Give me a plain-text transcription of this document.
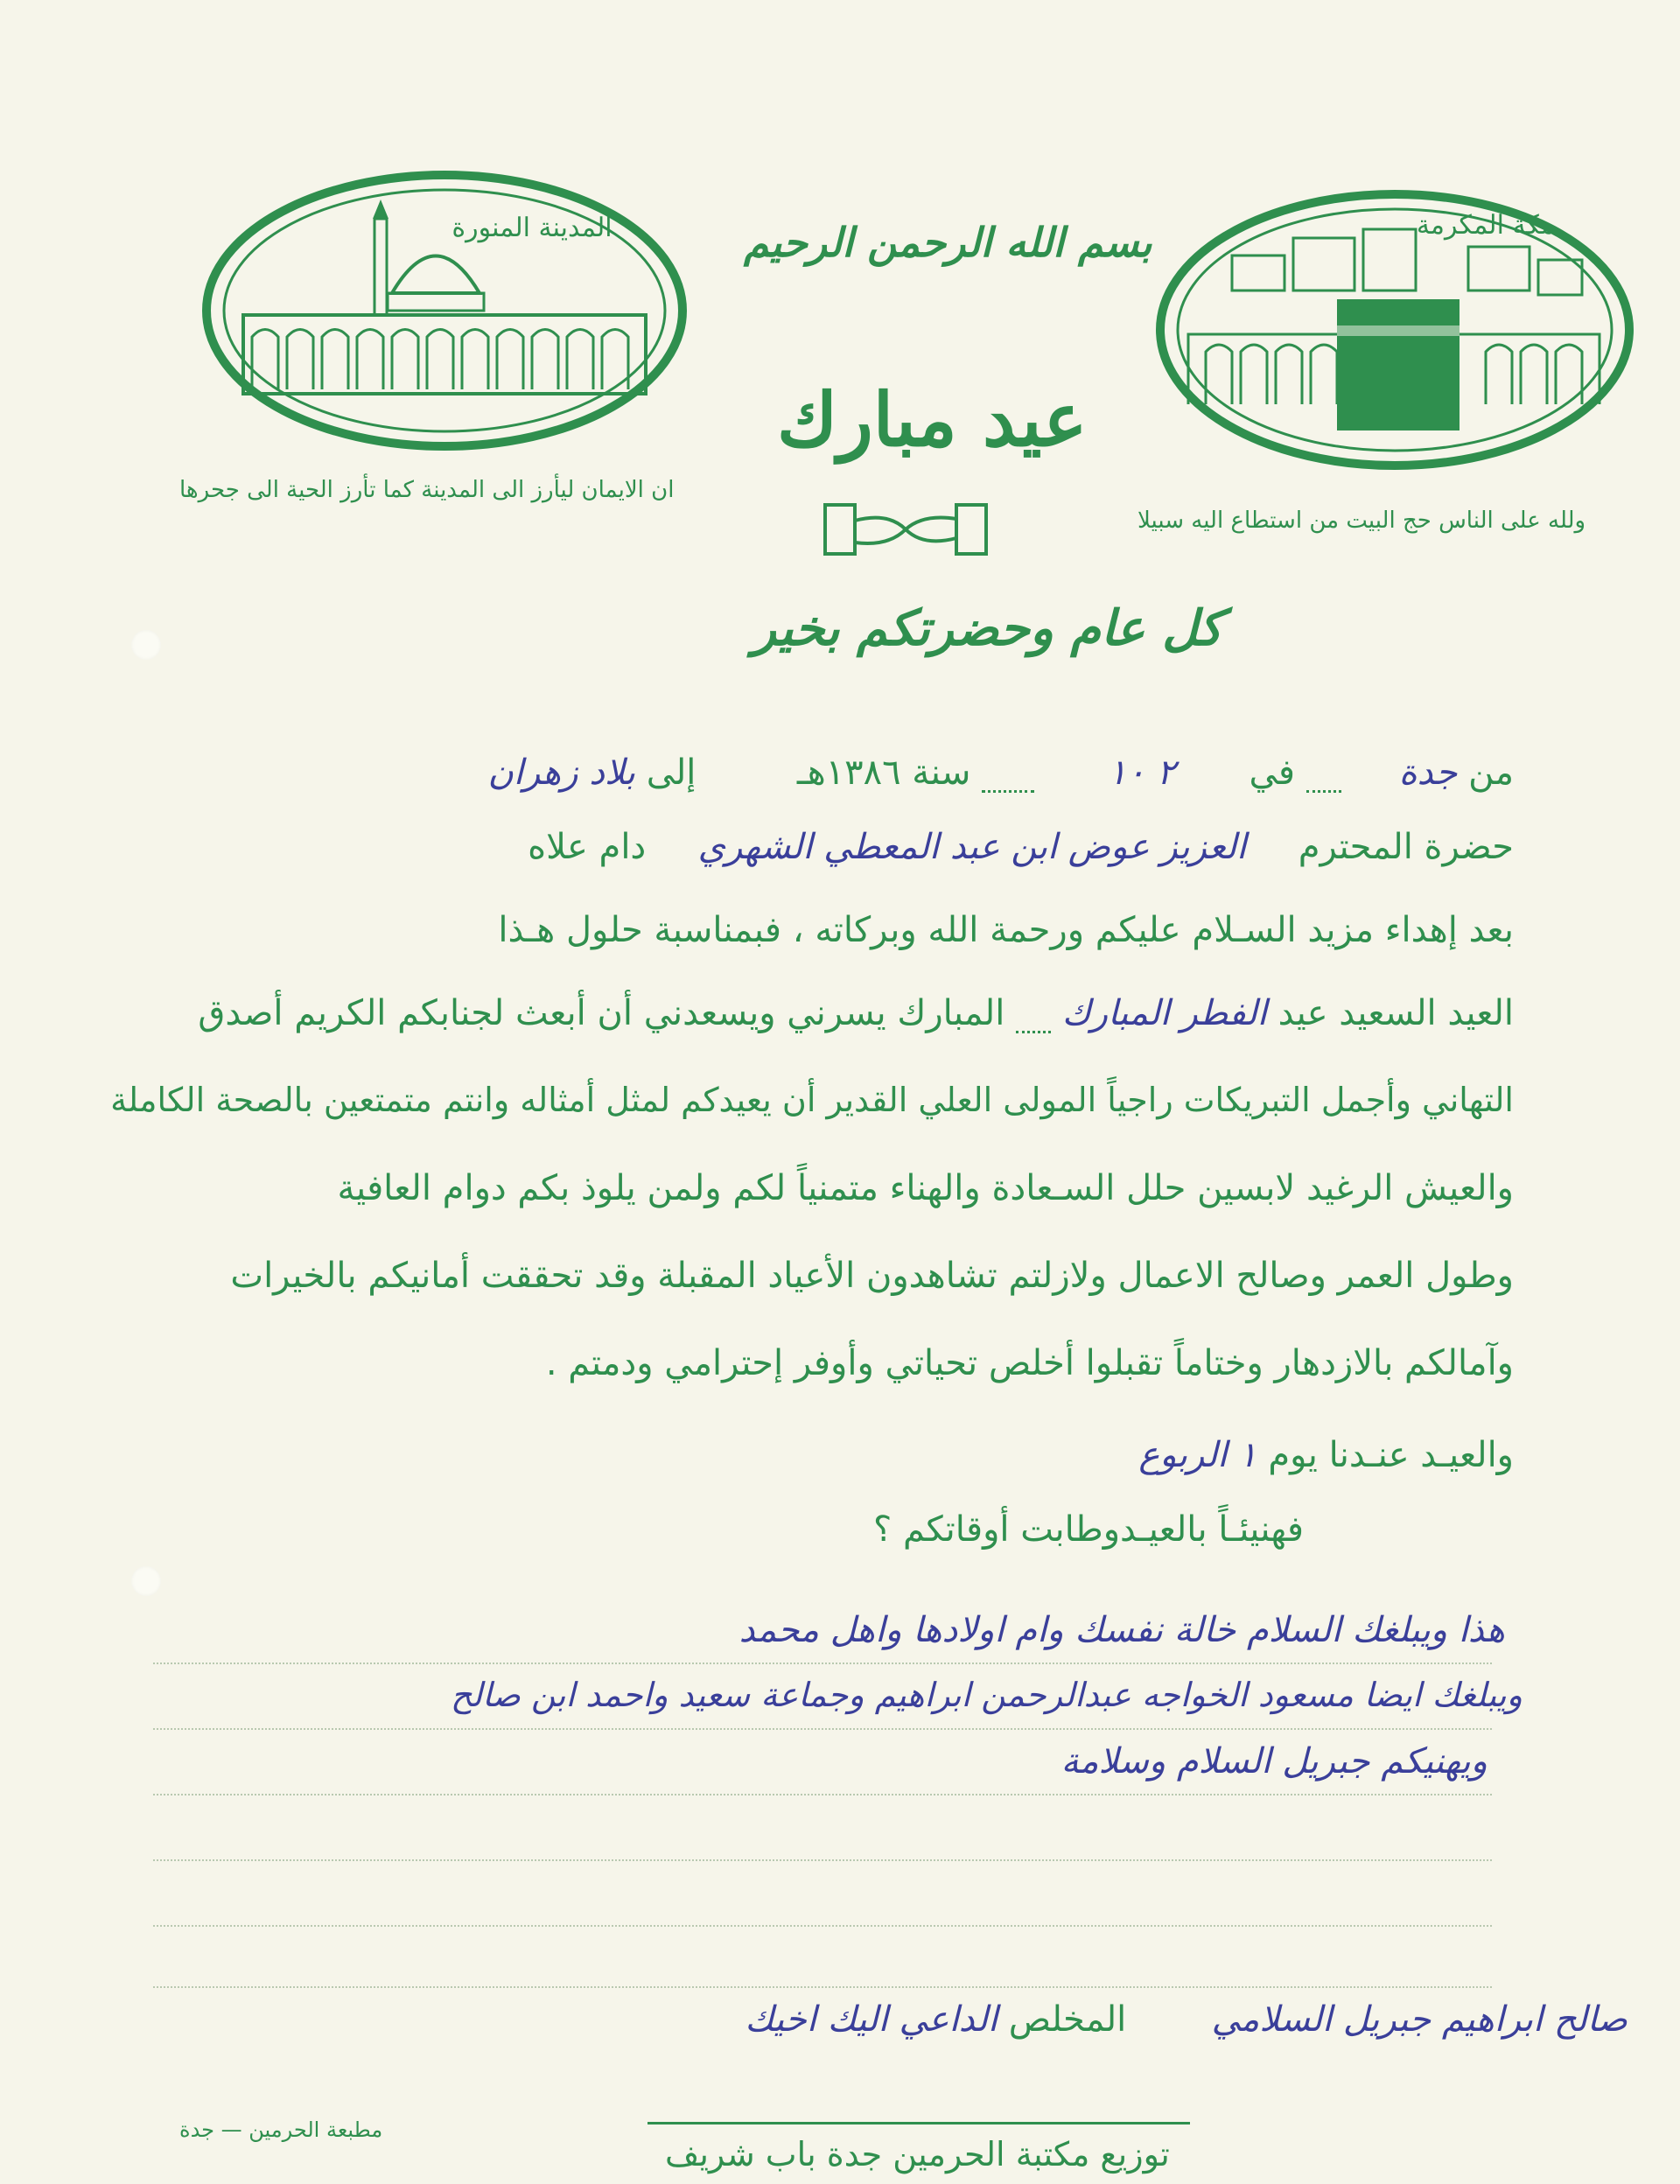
المدينة المنورة	بسم الله الرحمن الرحيم
عيد مبارك
كل عام وحضرتكم بخير
مكة المكرمة
ان الايمان ليأرز الى المدينة كما تأرز الحية الى جحرها
ولله على الناس حج البيت من استطاع اليه سبيلا
من جدة  في ٢ ١٠  سنة ١٣٨٦هـ  إلى بلاد زهران
حضرة المحترم العزيز عوض ابن عبد المعطي الشهري دام علاه
بعد إهداء مزيد السـلام عليكم ورحمة الله وبركاته ، فبمناسبة حلول هـذا
العيد السعيد عيد الفطر المبارك  المبارك يسرني ويسعدني أن أبعث لجنابكم الكريم أصدق
التهاني وأجمل التبريكات راجياً المولى العلي القدير أن يعيدكم لمثل أمثاله وانتم متمتعين بالصحة الكاملة
والعيش الرغيد لابسين حلل السـعادة والهناء متمنياً لكم ولمن يلوذ بكم دوام العافية
وطول العمر وصالح الاعمال ولازلتم تشاهدون الأعياد المقبلة وقد تحققت أمانيكم بالخيرات
وآمالكم بالازدهار وختاماً تقبلوا أخلص تحياتي وأوفر إحترامي ودمتم .
والعيـد عنـدنا يوم ١ الربوع
فهنيئـاً بالعيـدوطابت أوقاتكم ؟
هذا ويبلغك السلام خالة نفسك وام اولادها واهل محمد
ويبلغك ايضا مسعود الخواجه عبدالرحمن ابراهيم وجماعة سعيد واحمد ابن صالح
ويهنيكم جبريل السلام وسلامة
صالح ابراهيم جبريل السلامي المخلص الداعي اليك اخيك
مطبعة الحرمين — جدة
توزيع مكتبة الحرمين جدة باب شريف
